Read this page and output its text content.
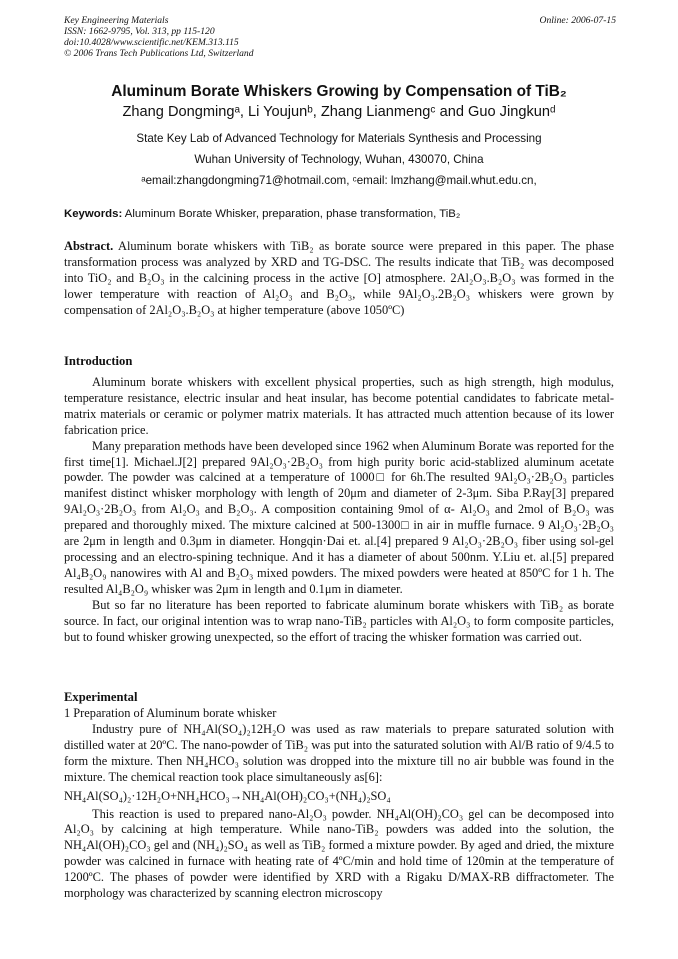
Key Engineering Materials
ISSN: 1662-9795, Vol. 313, pp 115-120
doi:10.4028/www.scientific.net/KEM.313.115
© 2006 Trans Tech Publications Ltd, Switzerland
Online: 2006-07-15
Aluminum Borate Whiskers Growing by Compensation of TiB₂
Zhang Dongmingᵃ, Li Youjunᵇ, Zhang Lianmengᶜ and Guo Jingkunᵈ
State Key Lab of Advanced Technology for Materials Synthesis and Processing
Wuhan University of Technology, Wuhan, 430070, China
ᵃemail:zhangdongming71@hotmail.com, ᶜemail: lmzhang@mail.whut.edu.cn,
Keywords: Aluminum Borate Whisker, preparation, phase transformation, TiB₂

Abstract. Aluminum borate whiskers with TiB₂ as borate source were prepared in this paper. The phase transformation process was analyzed by XRD and TG-DSC. The results indicate that TiB₂ was decomposed into TiO₂ and B₂O₃ in the calcining process in the active [O] atmosphere. 2Al₂O₃.B₂O₃ was formed in the lower temperature with reaction of Al₂O₃ and B₂O₃, while 9Al₂O₃.2B₂O₃ whiskers were grown by compensation of 2Al₂O₃.B₂O₃ at higher temperature (above 1050ºC)

Introduction

Aluminum borate whiskers with excellent physical properties, such as high strength, high modulus, temperature resistance, electric insular and heat insular, has become potential candidates to fabricate metal-matrix materials or ceramic or polymer matrix materials. It has attracted much attention because of its lower fabrication price.

Many preparation methods have been developed since 1962 when Aluminum Borate was reported for the first time[1]. Michael.J[2] prepared 9Al₂O₃·2B₂O₃ from high purity boric acid-stablized aluminum acetate powder. The powder was calcined at a temperature of 1000□ for 6h.The resulted 9Al₂O₃·2B₂O₃ particles manifest distinct whisker morphology with length of 20μm and diameter of 2-3μm. Siba P.Ray[3] prepared 9Al₂O₃·2B₂O₃ from Al₂O₃ and B₂O₃. A composition containing 9mol of α- Al₂O₃ and 2mol of B₂O₃ was prepared and thoroughly mixed. The mixture calcined at 500-1300□ in air in muffle furnace. 9 Al₂O₃·2B₂O₃ are 2μm in length and 0.3μm in diameter. Hongqin·Dai et. al.[4] prepared 9 Al₂O₃·2B₂O₃ fiber using sol-gel processing and an electro-spining technique. And it has a diameter of about 500nm. Y.Liu et. al.[5] prepared Al₄B₂O₉ nanowires with Al and B₂O₃ mixed powders. The mixed powders were heated at 850ºC for 1 h. The resulted Al₄B₂O₉ whisker was 2μm in length and 0.1μm in diameter.

But so far no literature has been reported to fabricate aluminum borate whiskers with TiB₂ as borate source. In fact, our original intention was to wrap nano-TiB₂ particles with Al₂O₃ to form composite particles, but to found whisker growing unexpected, so the effort of tracing the whisker formation was carried out.

Experimental
1 Preparation of Aluminum borate whisker

Industry pure of NH₄Al(SO₄)₂12H₂O was used as raw materials to prepare saturated solution with distilled water at 20ºC. The nano-powder of TiB₂ was put into the saturated solution with Al/B ratio of 9/4.5 to form the mixture. Then NH₄HCO₃ solution was dropped into the mixture till no air bubble was found in the mixture. The chemical reaction took place simultaneously as[6]:

NH₄Al(SO₄)₂·12H₂O+NH₄HCO₃→NH₄Al(OH)₂CO₃+(NH₄)₂SO₄

This reaction is used to prepared nano-Al₂O₃ powder. NH₄Al(OH)₂CO₃ gel can be decomposed into Al₂O₃ by calcining at high temperature. While nano-TiB₂ powders was added into the solution, the NH₄Al(OH)₂CO₃ gel and (NH₄)₂SO₄ as well as TiB₂ formed a mixture powder. By aged and dried, the mixture powder was calcined in furnace with heating rate of 4ºC/min and hold time of 120min at the temperature of 1200ºC. The phases of powder were identified by XRD with a Rigaku D/MAX-RB diffractometer. The morphology was characterized by scanning electron microscopy
